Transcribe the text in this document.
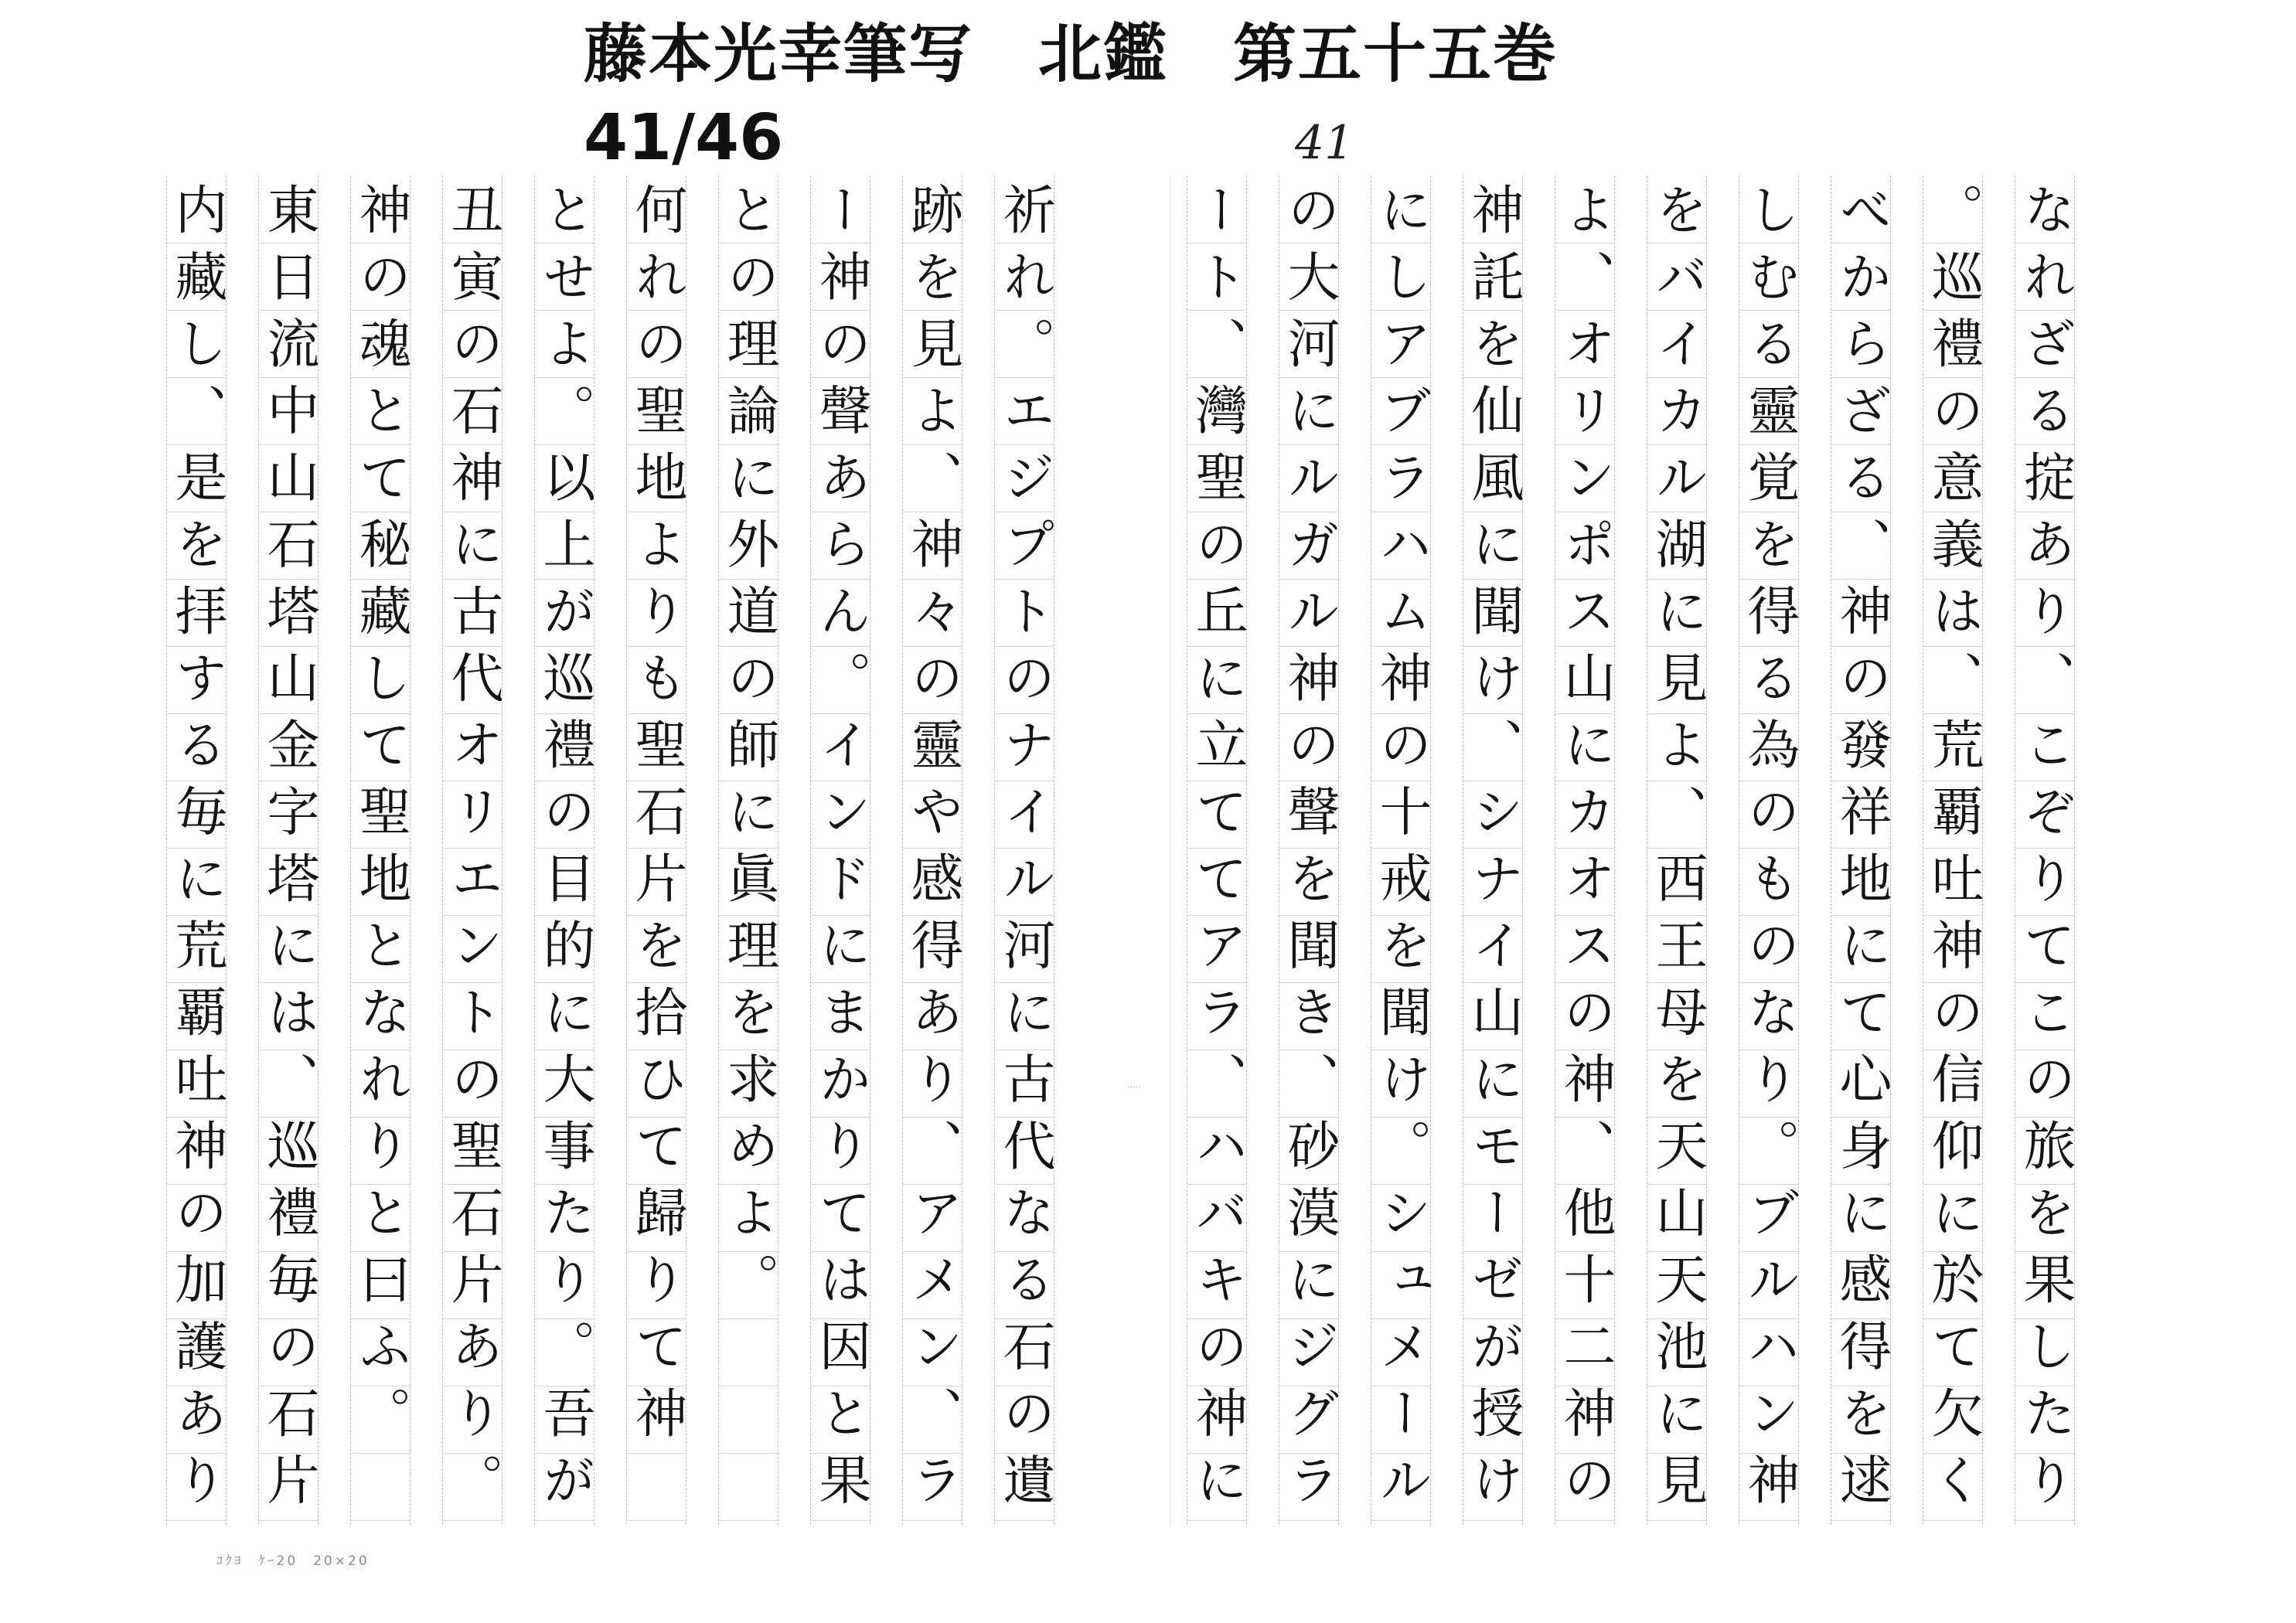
藤本光幸筆写　北鑑　第五十五巻
41/46	41
内藏し、是を拝する毎に荒覇吐神の加護あり 東日流中山石塔山金字塔には、巡禮毎の石片 神の魂とて秘藏して聖地となれりと曰ふ。 丑寅の石神に古代オリエントの聖石片あり。 とせよ。以上が巡禮の目的に大事たり。吾が 何れの聖地よりも聖石片を拾ひて歸りて神 との理論に外道の師に眞理を求めよ。 ー神の聲あらん。インドにまかりては因と果 跡を見よ、神々の靈や感得あり、アメン、ラ 祈れ。エジプトのナイル河に古代なる石の遺	ート、灣聖の丘に立ててアラ、ハバキの神に の大河にルガル神の聲を聞き、砂漠にジグラ にしアブラハム神の十戒を聞け。シュメール 神託を仙風に聞け、シナイ山にモーゼが授け よ、オリンポス山にカオスの神、他十二神の をバイカル湖に見よ、西王母を天山天池に見 しむる靈覚を得る為のものなり。ブルハン神 べからざる、神の發祥地にて心身に感得を逑 。巡禮の意義は、荒覇吐神の信仰に於て欠く なれざる掟あり、こぞりてこの旅を果したり
·····
ｺｸﾖ　ｹｰ20　20×20
